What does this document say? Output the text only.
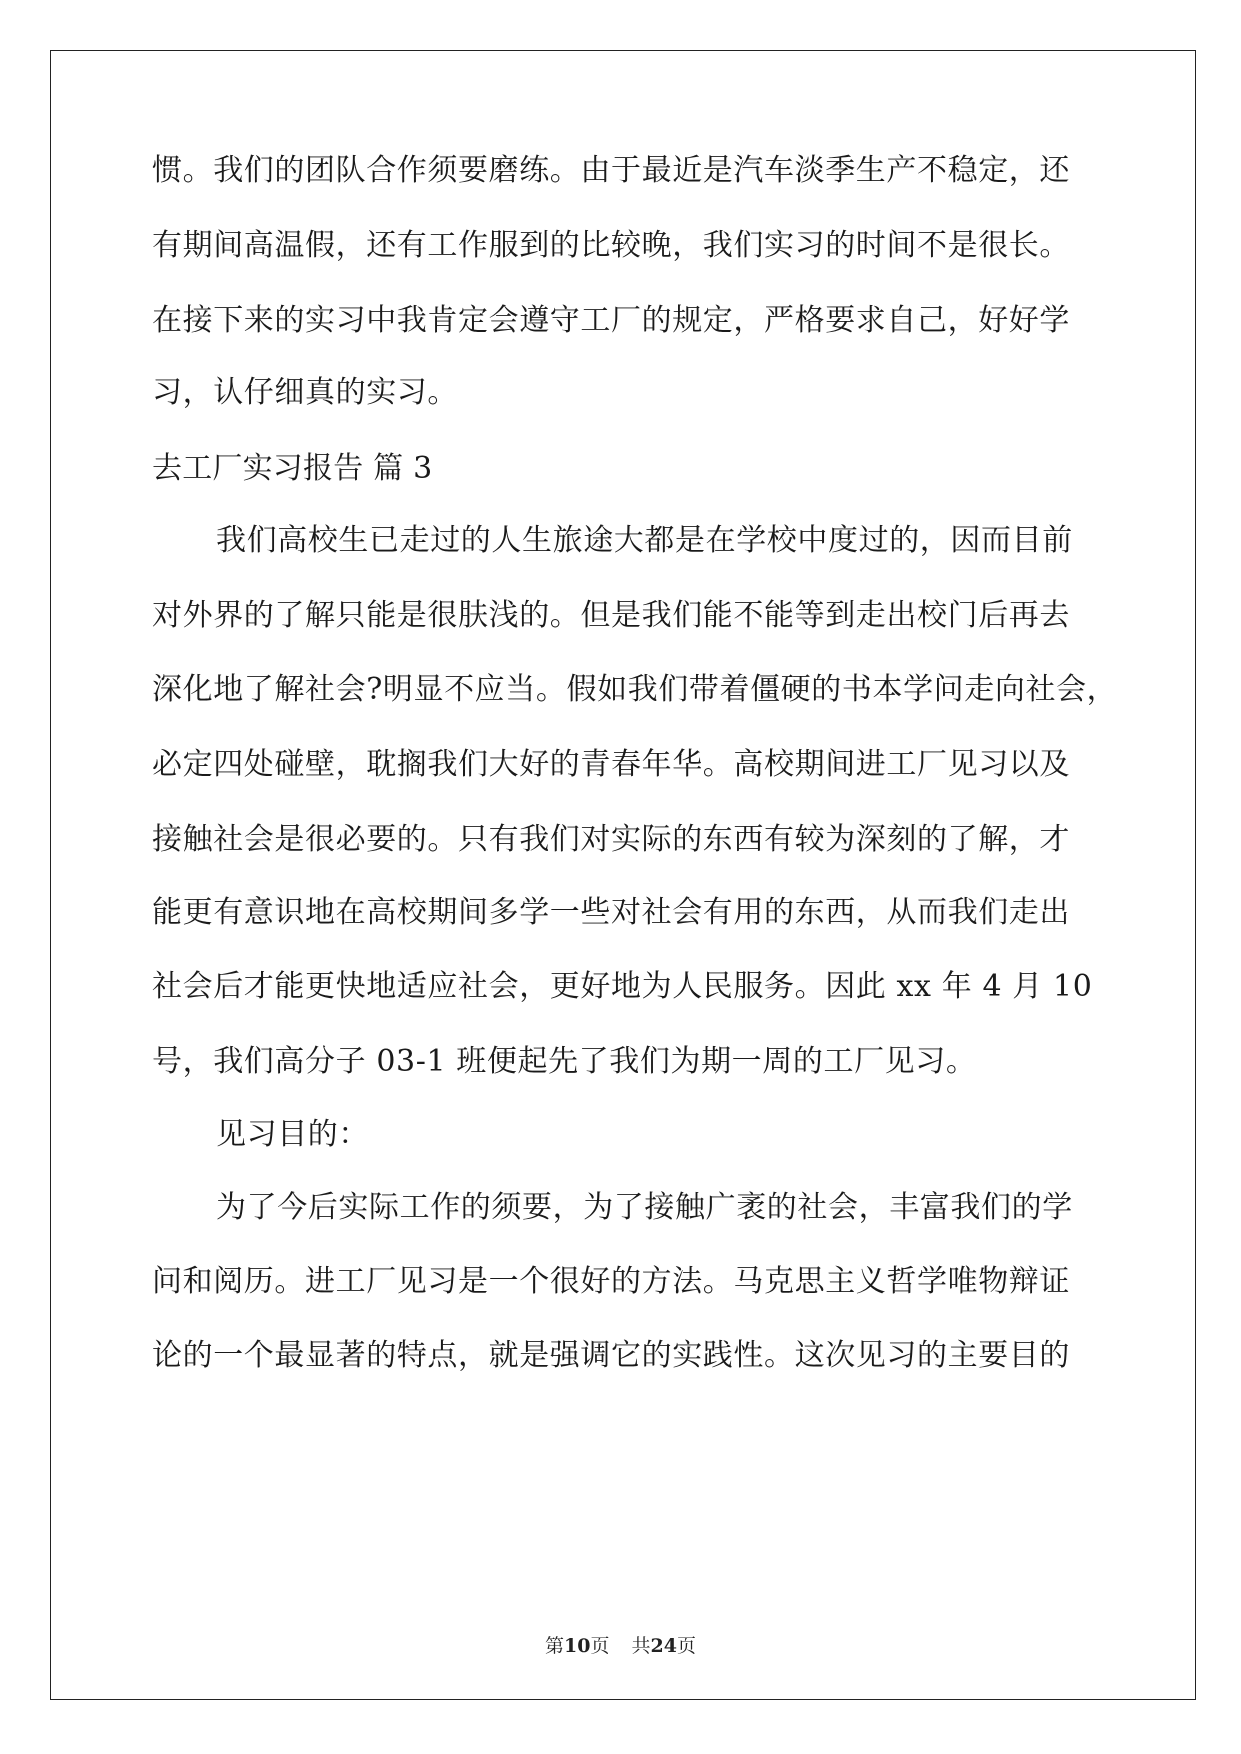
惯。我们的团队合作须要磨练。由于最近是汽车淡季生产不稳定，还
有期间高温假，还有工作服到的比较晚，我们实习的时间不是很长。
在接下来的实习中我肯定会遵守工厂的规定，严格要求自己，好好学
习，认仔细真的实习。
去工厂实习报告 篇 3
我们高校生已走过的人生旅途大都是在学校中度过的，因而目前
对外界的了解只能是很肤浅的。但是我们能不能等到走出校门后再去
深化地了解社会?明显不应当。假如我们带着僵硬的书本学问走向社会，
必定四处碰壁，耽搁我们大好的青春年华。高校期间进工厂见习以及
接触社会是很必要的。只有我们对实际的东西有较为深刻的了解，才
能更有意识地在高校期间多学一些对社会有用的东西，从而我们走出
社会后才能更快地适应社会，更好地为人民服务。因此 xx 年 4 月 10
号，我们高分子 03-1 班便起先了我们为期一周的工厂见习。
见习目的：
为了今后实际工作的须要，为了接触广袤的社会，丰富我们的学
问和阅历。进工厂见习是一个很好的方法。马克思主义哲学唯物辩证
论的一个最显著的特点，就是强调它的实践性。这次见习的主要目的
第10页 共24页
